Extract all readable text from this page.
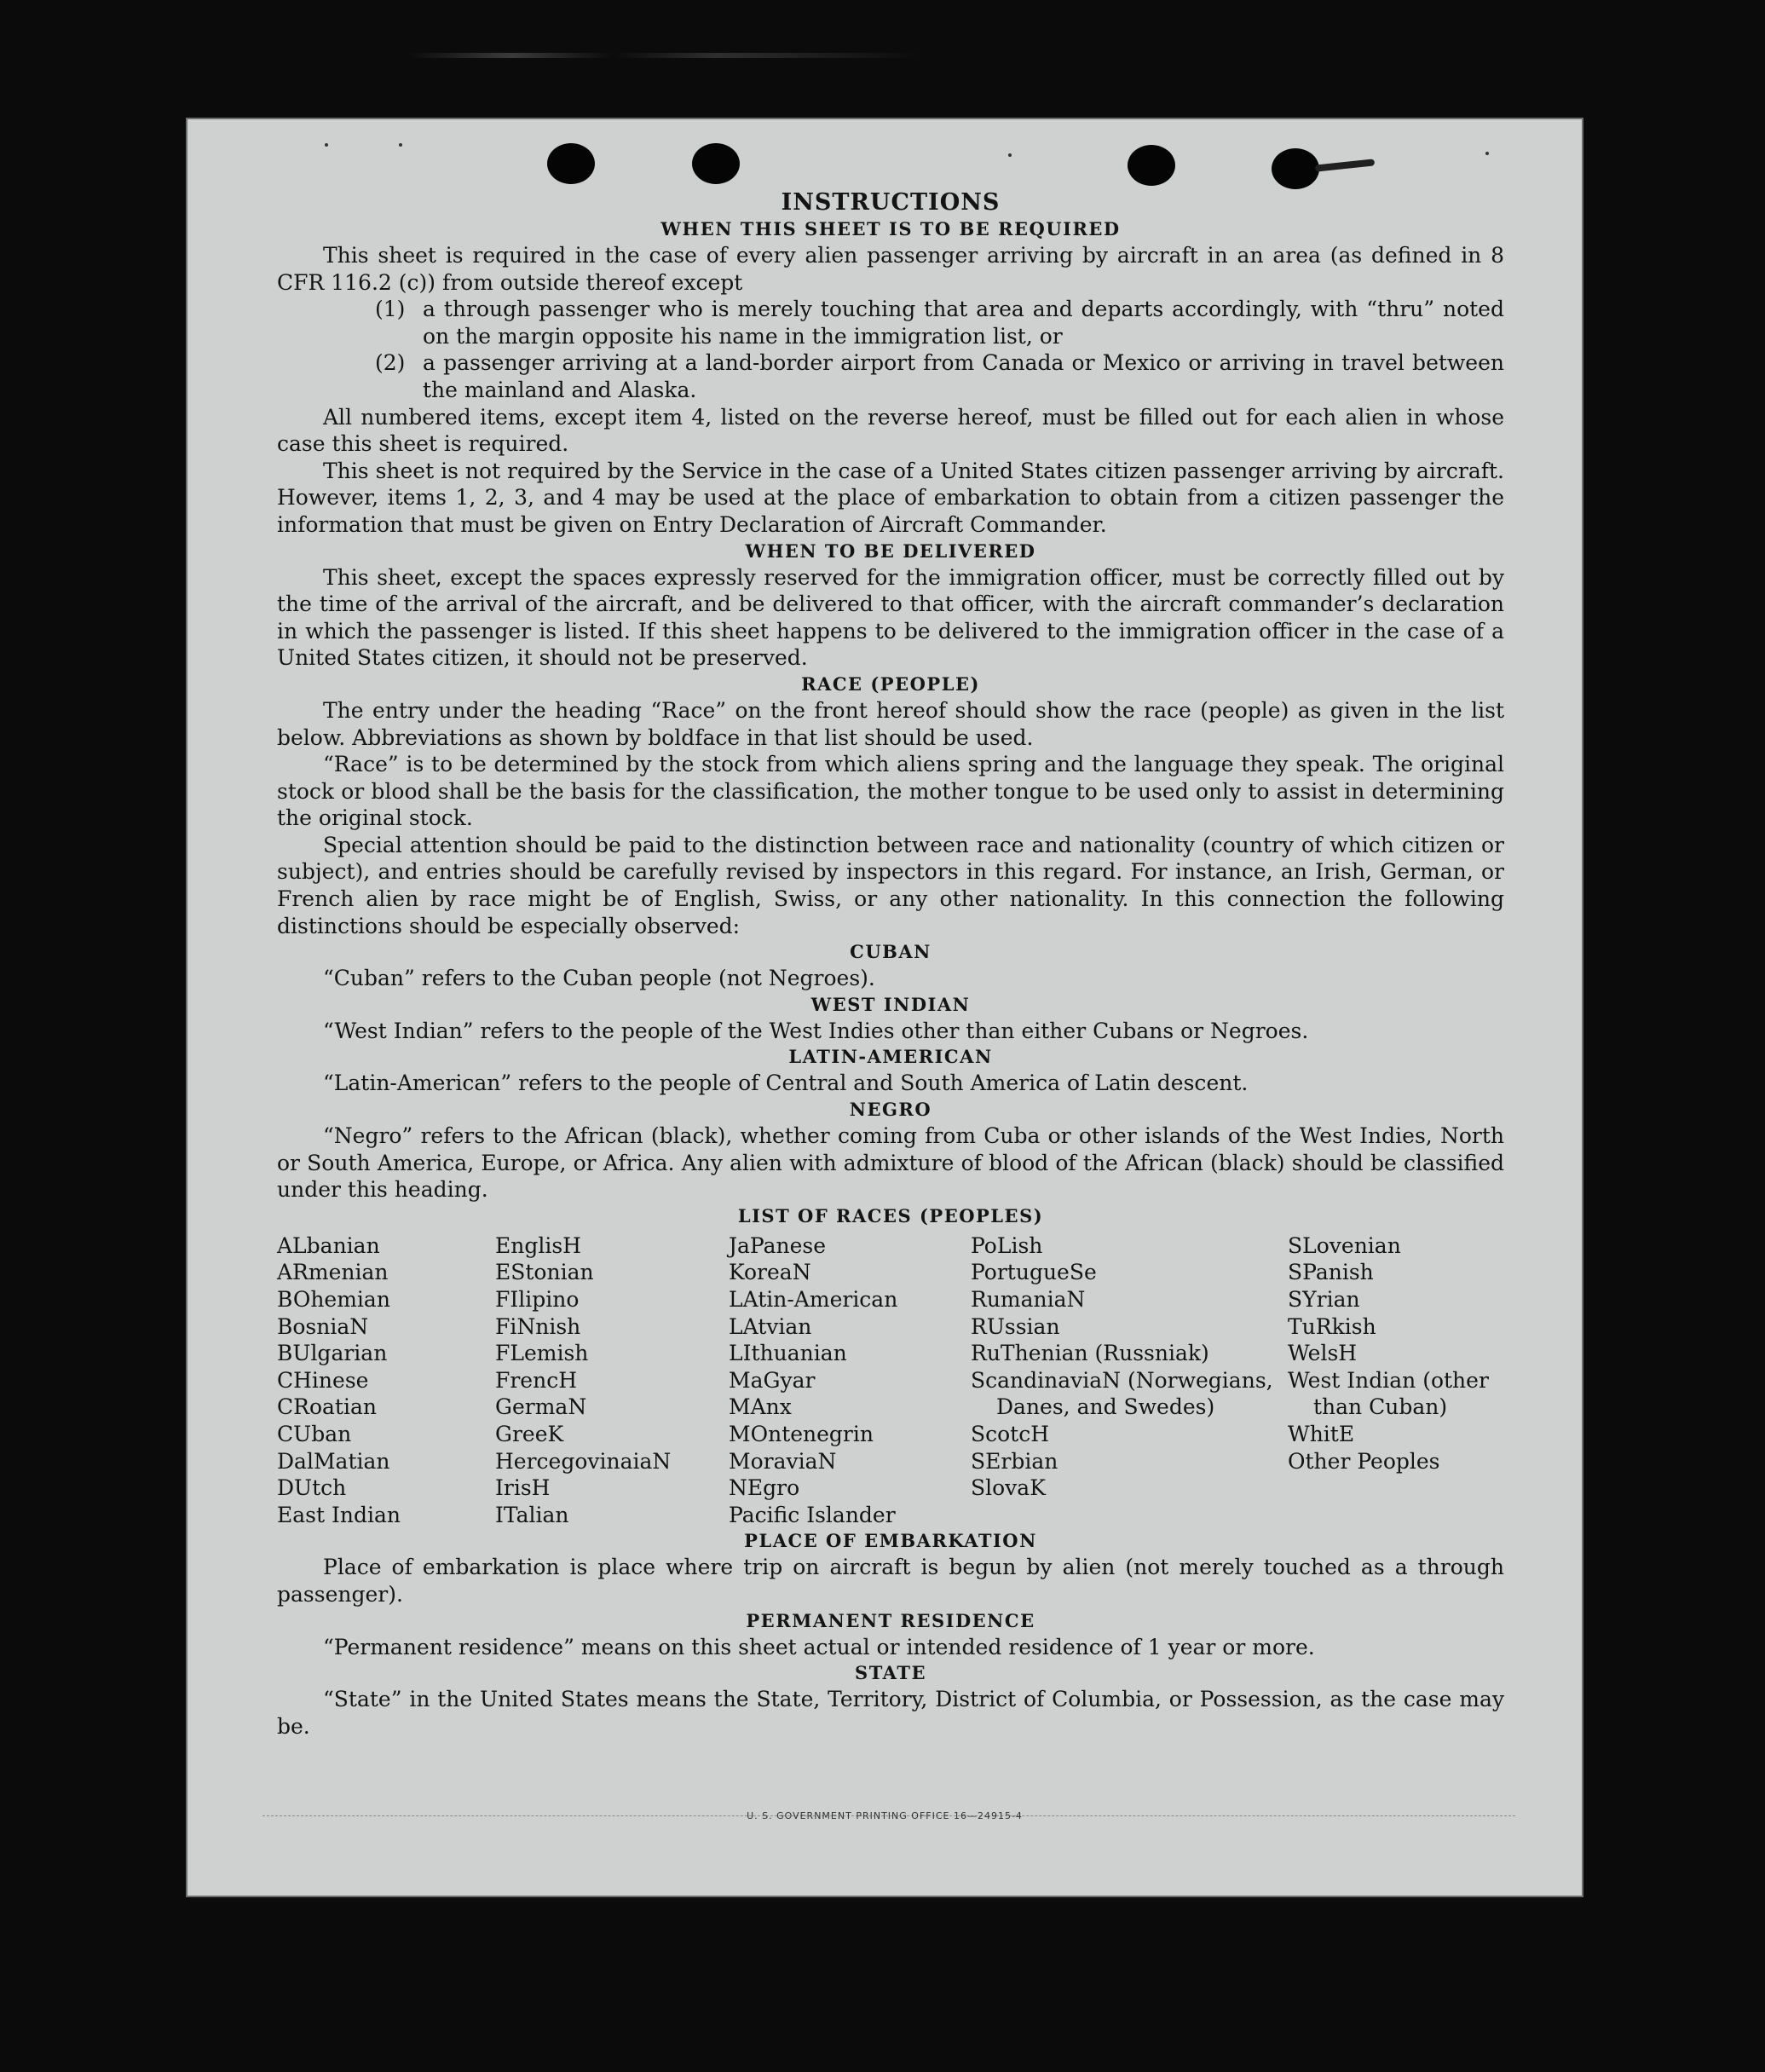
INSTRUCTIONS
WHEN THIS SHEET IS TO BE REQUIRED

This sheet is required in the case of every alien passenger arriving by aircraft in an area (as defined in 8 CFR 116.2 (c)) from outside thereof except

(1) a through passenger who is merely touching that area and departs accordingly, with “thru” noted on the margin opposite his name in the immigration list, or
(2) a passenger arriving at a land-border airport from Canada or Mexico or arriving in travel between the mainland and Alaska.

All numbered items, except item 4, listed on the reverse hereof, must be filled out for each alien in whose case this sheet is required.

This sheet is not required by the Service in the case of a United States citizen passenger arriving by aircraft. However, items 1, 2, 3, and 4 may be used at the place of embarkation to obtain from a citizen passenger the information that must be given on Entry Declaration of Aircraft Commander.

WHEN TO BE DELIVERED

This sheet, except the spaces expressly reserved for the immigration officer, must be correctly filled out by the time of the arrival of the aircraft, and be delivered to that officer, with the aircraft commander’s declaration in which the passenger is listed. If this sheet happens to be delivered to the immigration officer in the case of a United States citizen, it should not be preserved.

RACE (PEOPLE)

The entry under the heading “Race” on the front hereof should show the race (people) as given in the list below. Abbreviations as shown by boldface in that list should be used.

“Race” is to be determined by the stock from which aliens spring and the language they speak. The original stock or blood shall be the basis for the classification, the mother tongue to be used only to assist in determining the original stock.

Special attention should be paid to the distinction between race and nationality (country of which citizen or subject), and entries should be carefully revised by inspectors in this regard. For instance, an Irish, German, or French alien by race might be of English, Swiss, or any other nationality. In this connection the following distinctions should be especially observed:

CUBAN

“Cuban” refers to the Cuban people (not Negroes).

WEST INDIAN

“West Indian” refers to the people of the West Indies other than either Cubans or Negroes.

LATIN-AMERICAN

“Latin-American” refers to the people of Central and South America of Latin descent.

NEGRO

“Negro” refers to the African (black), whether coming from Cuba or other islands of the West Indies, North or South America, Europe, or Africa. Any alien with admixture of blood of the African (black) should be classified under this heading.

LIST OF RACES (PEOPLES)
ALbanian
ARmenian
BOhemian
BosniaN
BUlgarian
CHinese
CRoatian
CUban
DalMatian
DUtch
East Indian
EnglisH
EStonian
FIlipino
FiNnish
FLemish
FrencH
GermaN
GreeK
HercegovinaiaN
IrisH
ITalian
JaPanese
KoreaN
LAtin-American
LAtvian
LIthuanian
MaGyar
MAnx
MOntenegrin
MoraviaN
NEgro
Pacific Islander
PoLish
PortugueSe
RumaniaN
RUssian
RuThenian (Russniak)
ScandinaviaN (Norwegians, Danes, and Swedes)
ScotcH
SErbian
SlovaK
SLovenian
SPanish
SYrian
TuRkish
WelsH
West Indian (other than Cuban)
WhitE
Other Peoples
PLACE OF EMBARKATION

Place of embarkation is place where trip on aircraft is begun by alien (not merely touched as a through passenger).

PERMANENT RESIDENCE

“Permanent residence” means on this sheet actual or intended residence of 1 year or more.

STATE

“State” in the United States means the State, Territory, District of Columbia, or Possession, as the case may be.

U. S. GOVERNMENT PRINTING OFFICE 16—24915-4
